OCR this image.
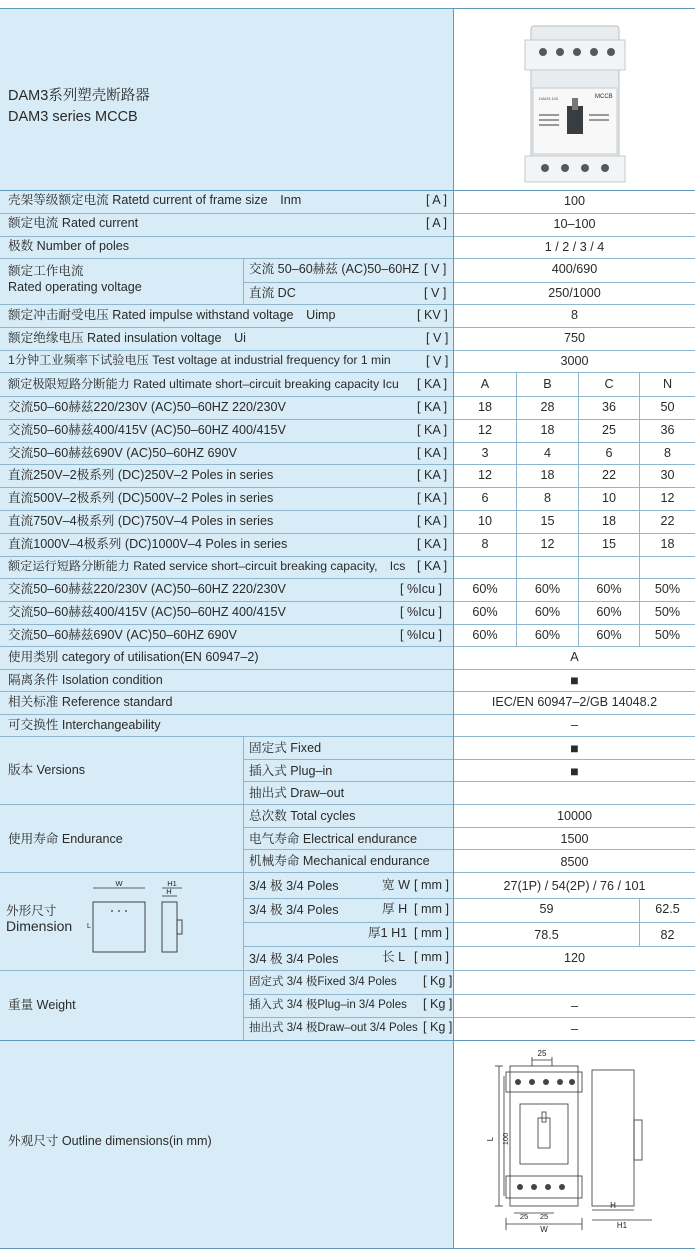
DAM3系列塑壳断路器
DAM3 series MCCB
DAM3-100	MCCB
壳架等级额定电流 Ratetd current of frame size　Inm	[ A ]	100
额定电流 Rated current	[ A ]	10–100
极数 Number of poles	1 / 2 / 3 / 4
额定工作电流
Rated operating voltage
交流 50–60赫兹 (AC)50–60HZ [ V ]	400/690
直流 DC	[ V ]	250/1000
额定冲击耐受电压 Rated impulse withstand voltage　Uimp	[ KV ]	8
额定绝缘电压 Rated insulation voltage　Ui	[ V ]	750
1分钟工业频率下试验电压 Test voltage at industrial frequency for 1 min	[ V ]	3000
额定极限短路分断能力 Rated ultimate short–circuit breaking capacity Icu [ KA ]	A	B	C	N
交流50–60赫兹220/230V (AC)50–60HZ 220/230V	[ KA ]	18	28	36	50
交流50–60赫兹400/415V (AC)50–60HZ 400/415V	[ KA ]	12	18	25	36
交流50–60赫兹690V (AC)50–60HZ 690V	[ KA ]	3	4	6	8
直流250V–2极系列 (DC)250V–2 Poles in series	[ KA ]	12	18	22	30
直流500V–2极系列 (DC)500V–2 Poles in series	[ KA ]	6	8	10	12
直流750V–4极系列 (DC)750V–4 Poles in series	[ KA ]	10	15	18	22
直流1000V–4极系列 (DC)1000V–4 Poles in series	[ KA ]	8	12	15	18
额定运行短路分断能力 Rated service short–circuit breaking capacity,　Ics [ KA ]
交流50–60赫兹220/230V (AC)50–60HZ 220/230V	[ %Icu ]	60%	60%	60%	50%
交流50–60赫兹400/415V (AC)50–60HZ 400/415V	[ %Icu ]	60%	60%	60%	50%
交流50–60赫兹690V (AC)50–60HZ 690V	[ %Icu ]	60%	60%	60%	50%
使用类别 category of utilisation(EN 60947–2)	A
隔离条件 Isolation condition	■
相关标准 Reference standard	IEC/EN 60947–2/GB 14048.2
可交换性 Interchangeability	–
版本 Versions
固定式 Fixed	■
插入式 Plug–in	■
抽出式 Draw–out
使用寿命 Endurance
总次数 Total cycles	10000
电气寿命 Electrical endurance	1500
机械寿命 Mechanical endurance	8500
外形尺寸
Dimension
W
L
H1
H	3/4 极 3/4 Poles	宽 W [ mm ]	27(1P) / 54(2P) / 76 / 101
3/4 极 3/4 Poles	厚 H [ mm ]	59	62.5
厚1 H1 [ mm ]	78.5	82
3/4 极 3/4 Poles	长 L [ mm ]	120
重量 Weight
固定式 3/4 极Fixed 3/4 Poles [ Kg ]
插入式 3/4 极Plug–in 3/4 Poles [ Kg ]	–
抽出式 3/4 极Draw–out 3/4 Poles [ Kg ]	–
外观尺寸 Outline dimensions(in mm)
25
L 100
25 25
W
H
H1
